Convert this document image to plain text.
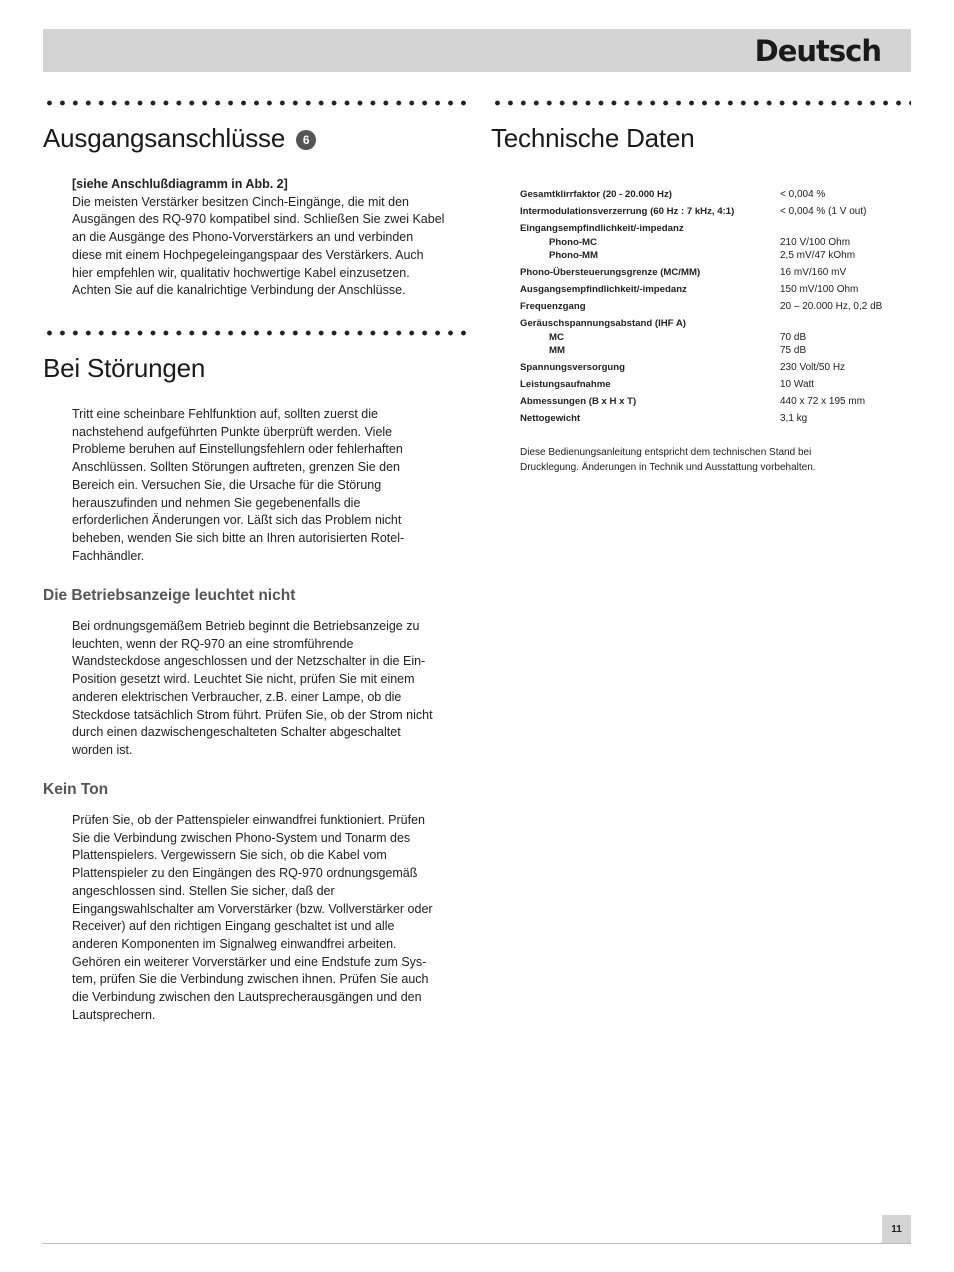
Deutsch
Ausgangsanschlüsse 6
[siehe Anschlußdiagramm in Abb. 2]
Die meisten Verstärker besitzen Cinch-Eingänge, die mit den
Ausgängen des RQ-970 kompatibel sind. Schließen Sie zwei Kabel
an die Ausgänge des Phono-Vorverstärkers an und verbinden
diese mit einem Hochpegeleingangspaar des Verstärkers. Auch
hier empfehlen wir, qualitativ hochwertige Kabel einzusetzen.
Achten Sie auf die kanalrichtige Verbindung der Anschlüsse.
Bei Störungen
Tritt eine scheinbare Fehlfunktion auf, sollten zuerst die
nachstehend aufgeführten Punkte überprüft werden. Viele
Probleme beruhen auf Einstellungsfehlern oder fehlerhaften
Anschlüssen. Sollten Störungen auftreten, grenzen Sie den
Bereich ein. Versuchen Sie, die Ursache für die Störung
herauszufinden und nehmen Sie gegebenenfalls die
erforderlichen Änderungen vor. Läßt sich das Problem nicht
beheben, wenden Sie sich bitte an Ihren autorisierten Rotel-
Fachhändler.
Die Betriebsanzeige leuchtet nicht
Bei ordnungsgemäßem Betrieb beginnt die Betriebsanzeige zu
leuchten, wenn der RQ-970 an eine stromführende
Wandsteckdose angeschlossen und der Netzschalter in die Ein-
Position gesetzt wird. Leuchtet Sie nicht, prüfen Sie mit einem
anderen elektrischen Verbraucher, z.B. einer Lampe, ob die
Steckdose tatsächlich Strom führt. Prüfen Sie, ob der Strom nicht
durch einen dazwischengeschalteten Schalter abgeschaltet
worden ist.
Kein Ton
Prüfen Sie, ob der Pattenspieler einwandfrei funktioniert. Prüfen
Sie die Verbindung zwischen Phono-System und Tonarm des
Plattenspielers. Vergewissern Sie sich, ob die Kabel vom
Plattenspieler zu den Eingängen des RQ-970 ordnungsgemäß
angeschlossen sind. Stellen Sie sicher, daß der
Eingangswahlschalter am Vorverstärker (bzw. Vollverstärker oder
Receiver) auf den richtigen Eingang geschaltet ist und alle
anderen Komponenten im Signalweg einwandfrei arbeiten.
Gehören ein weiterer Vorverstärker und eine Endstufe zum Sys-
tem, prüfen Sie die Verbindung zwischen ihnen. Prüfen Sie auch
die Verbindung zwischen den Lautsprecherausgängen und den
Lautsprechern.
Technische Daten
Gesamtklirrfaktor (20 - 20.000 Hz)	< 0,004 %
Intermodulationsverzerrung (60 Hz : 7 kHz, 4:1)	< 0,004 % (1 V out)
Eingangsempfindlichkeit/-impedanz
Phono-MC	210 V/100 Ohm
Phono-MM	2,5 mV/47 kOhm
Phono-Übersteuerungsgrenze (MC/MM)	16 mV/160 mV
Ausgangsempfindlichkeit/-impedanz	150 mV/100 Ohm
Frequenzgang	20 – 20.000 Hz, 0,2 dB
Geräuschspannungsabstand (IHF A)
MC	70 dB
MM	75 dB
Spannungsversorgung	230 Volt/50 Hz
Leistungsaufnahme	10 Watt
Abmessungen (B x H x T)	440 x 72 x 195 mm
Nettogewicht	3,1 kg

Diese Bedienungsanleitung entspricht dem technischen Stand bei
Drucklegung. Änderungen in Technik und Ausstattung vorbehalten.

11
